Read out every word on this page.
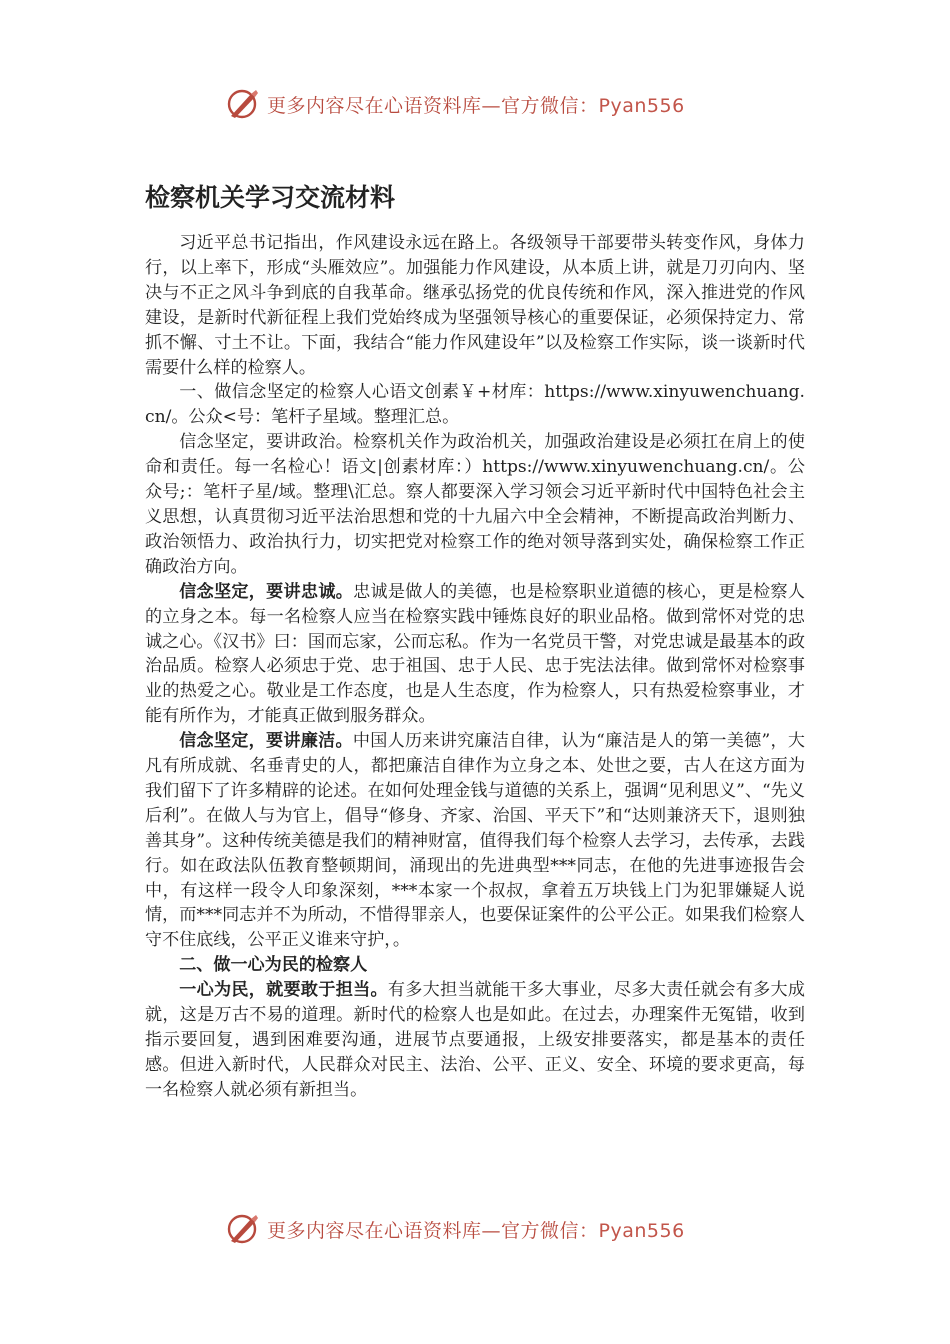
更多内容尽在心语资料库—官方微信：Pyan556
检察机关学习交流材料

习近平总书记指出，作风建设永远在路上。各级领导干部要带头转变作风，身体力行，以上率下，形成“头雁效应”。加强能力作风建设，从本质上讲，就是刀刃向内、坚决与不正之风斗争到底的自我革命。继承弘扬党的优良传统和作风，深入推进党的作风建设，是新时代新征程上我们党始终成为坚强领导核心的重要保证，必须保持定力、常抓不懈、寸土不让。下面，我结合“能力作风建设年”以及检察工作实际，谈一谈新时代需要什么样的检察人。

一、做信念坚定的检察人心语文创素￥+材库：https://www.xinyuwenchuang.cn/。公众<号：笔杆子星域。整理汇总。

信念坚定，要讲政治。检察机关作为政治机关，加强政治建设是必须扛在肩上的使命和责任。每一名检心！语文|创素材库：）https://www.xinyuwenchuang.cn/。公众号;：笔杆子星/域。整理\汇总。察人都要深入学习领会习近平新时代中国特色社会主义思想，认真贯彻习近平法治思想和党的十九届六中全会精神，不断提高政治判断力、政治领悟力、政治执行力，切实把党对检察工作的绝对领导落到实处，确保检察工作正确政治方向。

信念坚定，要讲忠诚。忠诚是做人的美德，也是检察职业道德的核心，更是检察人的立身之本。每一名检察人应当在检察实践中锤炼良好的职业品格。做到常怀对党的忠诚之心。《汉书》曰：国而忘家，公而忘私。作为一名党员干警，对党忠诚是最基本的政治品质。检察人必须忠于党、忠于祖国、忠于人民、忠于宪法法律。做到常怀对检察事业的热爱之心。敬业是工作态度，也是人生态度，作为检察人，只有热爱检察事业，才能有所作为，才能真正做到服务群众。

信念坚定，要讲廉洁。中国人历来讲究廉洁自律，认为“廉洁是人的第一美德”，大凡有所成就、名垂青史的人，都把廉洁自律作为立身之本、处世之要，古人在这方面为我们留下了许多精辟的论述。在如何处理金钱与道德的关系上，强调“见利思义”、“先义后利”。在做人与为官上，倡导“修身、齐家、治国、平天下”和“达则兼济天下，退则独善其身”。这种传统美德是我们的精神财富，值得我们每个检察人去学习，去传承，去践行。如在政法队伍教育整顿期间，涌现出的先进典型***同志，在他的先进事迹报告会中，有这样一段令人印象深刻，***本家一个叔叔，拿着五万块钱上门为犯罪嫌疑人说情，而***同志并不为所动，不惜得罪亲人，也要保证案件的公平公正。如果我们检察人守不住底线，公平正义谁来守护，。

二、做一心为民的检察人

一心为民，就要敢于担当。有多大担当就能干多大事业，尽多大责任就会有多大成就，这是万古不易的道理。新时代的检察人也是如此。在过去，办理案件无冤错，收到指示要回复，遇到困难要沟通，进展节点要通报，上级安排要落实，都是基本的责任感。但进入新时代，人民群众对民主、法治、公平、正义、安全、环境的要求更高，每一名检察人就必须有新担当。

更多内容尽在心语资料库—官方微信：Pyan556
